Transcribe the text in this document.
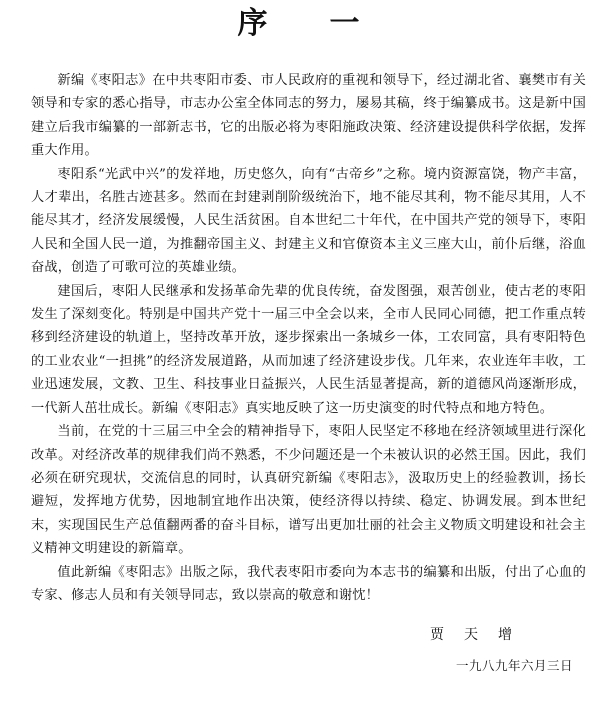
序一

新编《枣阳志》在中共枣阳市委、市人民政府的重视和领导下，经过湖北省、襄樊市有关领导和专家的悉心指导，市志办公室全体同志的努力，屡易其稿，终于编纂成书。这是新中国建立后我市编纂的一部新志书，它的出版必将为枣阳施政决策、经济建设提供科学依据，发挥重大作用。

枣阳系“光武中兴”的发祥地，历史悠久，向有“古帝乡”之称。境内资源富饶，物产丰富，人才辈出，名胜古迹甚多。然而在封建剥削阶级统治下，地不能尽其利，物不能尽其用，人不能尽其才，经济发展缓慢，人民生活贫困。自本世纪二十年代，在中国共产党的领导下，枣阳人民和全国人民一道，为推翻帝国主义、封建主义和官僚资本主义三座大山，前仆后继，浴血奋战，创造了可歌可泣的英雄业绩。

建国后，枣阳人民继承和发扬革命先辈的优良传统，奋发图强，艰苦创业，使古老的枣阳发生了深刻变化。特别是中国共产党十一届三中全会以来，全市人民同心同德，把工作重点转移到经济建设的轨道上，坚持改革开放，逐步探索出一条城乡一体，工农同富，具有枣阳特色的工业农业“一担挑”的经济发展道路，从而加速了经济建设步伐。几年来，农业连年丰收，工业迅速发展，文教、卫生、科技事业日益振兴，人民生活显著提高，新的道德风尚逐渐形成，一代新人茁壮成长。新编《枣阳志》真实地反映了这一历史演变的时代特点和地方特色。

当前，在党的十三届三中全会的精神指导下，枣阳人民坚定不移地在经济领域里进行深化改革。对经济改革的规律我们尚不熟悉，不少问题还是一个未被认识的必然王国。因此，我们必须在研究现状，交流信息的同时，认真研究新编《枣阳志》，汲取历史上的经验教训，扬长避短，发挥地方优势，因地制宜地作出决策，使经济得以持续、稳定、协调发展。到本世纪末，实现国民生产总值翻两番的奋斗目标，谱写出更加壮丽的社会主义物质文明建设和社会主义精神文明建设的新篇章。

值此新编《枣阳志》出版之际，我代表枣阳市委向为本志书的编纂和出版，付出了心血的专家、修志人员和有关领导同志，致以崇高的敬意和谢忱！

贾天增
一九八九年六月三日
